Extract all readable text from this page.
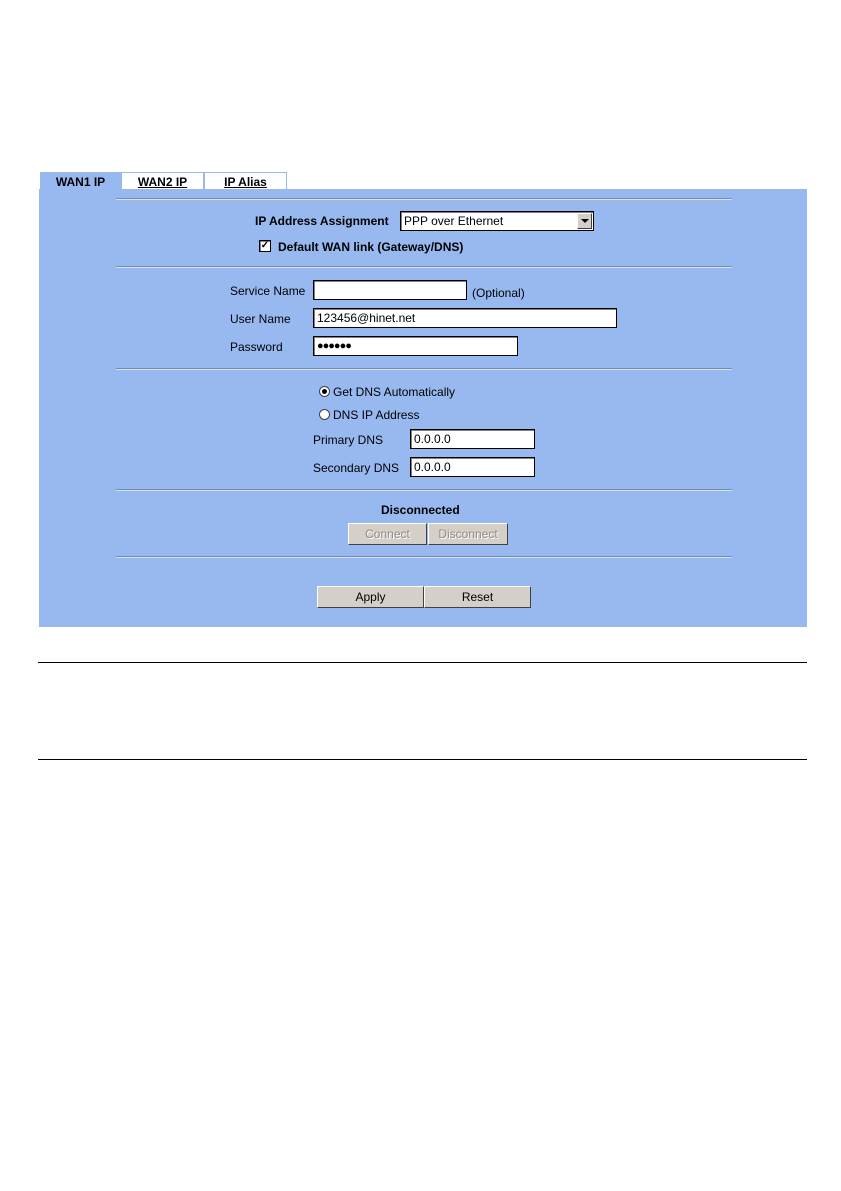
WAN1 IP	WAN2 IP	IP Alias
IP Address Assignment	PPP over Ethernet
✓ Default WAN link (Gateway/DNS)
Service Name	(Optional)
User Name	123456@hinet.net
Password	●●●●●●
Get DNS Automatically
DNS IP Address
Primary DNS	0.0.0.0
Secondary DNS	0.0.0.0
Disconnected
Connect	Disconnect
Apply	Reset
